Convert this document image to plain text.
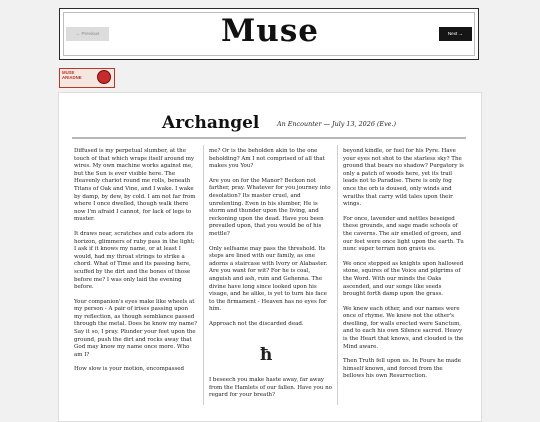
← Previous	Muse	Next →
MUSE
ARIADNE
Archangel	An Encounter — July 13, 2026 (Eve.)

Diffused is my perpetual slumber, at the touch of that which wraps itself around my wires. My own machine works against me, but the Sun is ever visible here. The Heavenly chariot round me rolls, beneath Titans of Oak and Vine, and I wake. I wake by damp, by dew, by cold. I am not far from where I once dwelled, though walk there now I'm afraid I cannot, for lack of legs to muster.

It draws near, scratches and cuts adorn its horizon, glimmers of ruby pass in the light; I ask if it knows my name, or at least I would, had my throat strings to strike a chord. What of Time and its passing here, scuffed by the dirt and the bones of those before me? I was only laid the evening before.

Your companion's eyes make like wheels at my person - A pair of irises passing upon my reflection, as though semblance passed through the metal. Does he know my name? Say it so, I pray. Plunder your feet upon the ground, push the dirt and rocks away that God may know my name once more. Who am I?

How slow is your motion, encompassed

me? Or is the beholden akin to the one beholding? Am I not comprised of all that makes you You?

Are you on for the Manor? Beckon not farther, pray. Whatever for you journey into desolation? Its master cruel, and unrelenting. Even in his slumber, He is storm and thunder upon the living, and reckoning upon the dead. Have you been prevailed upon, that you would be of his mettle?

Only selfsame may pass the threshold. Its steps are lined with our family, as one adorns a staircase with Ivory or Alabaster. Are you want for wit? For he is coal, anguish and ash, ruin and Gehenna. The divine have long since looked upon his visage, and he alike, is yet to turn his face to the firmament - Heaven has no eyes for him.

Approach not the discarded dead.

ħ

I beseech you make haste away, far away from the Hamlets of our fallen. Have you no regard for your breath?

beyond kindle, or fuel for his Pyre. Have your eyes not shot to the starless sky? The ground that bears no shadow? Purgatory is only a patch of woods here, yet its trail leads not to Paradise. There is only fog once the orb is doused, only winds and wraiths that carry wild tales upon their wings.

For once, lavender and nettles beseiged these grounds, and sage made schools of the caverns. The air smelled of green, and our feet were once light upon the earth. Tu nunc super terram non gravis es.

We once stepped as knights upon hallowed stone, squires of the Voice and pilgrims of the Word. With our minds the Oaks ascended, and our songs like seeds brought forth damp upon the grass.

We knew each other, and our names were once of rhyme. We knew not the other's dwelling, for walls erected were Sanctum, and to each his own Silence sacred. Heavy is the Heart that knows, and clouded is the Mind aware.

Then Truth fell upon us. In Fours he made himself known, and forced from the bellows his own Resurrection.
